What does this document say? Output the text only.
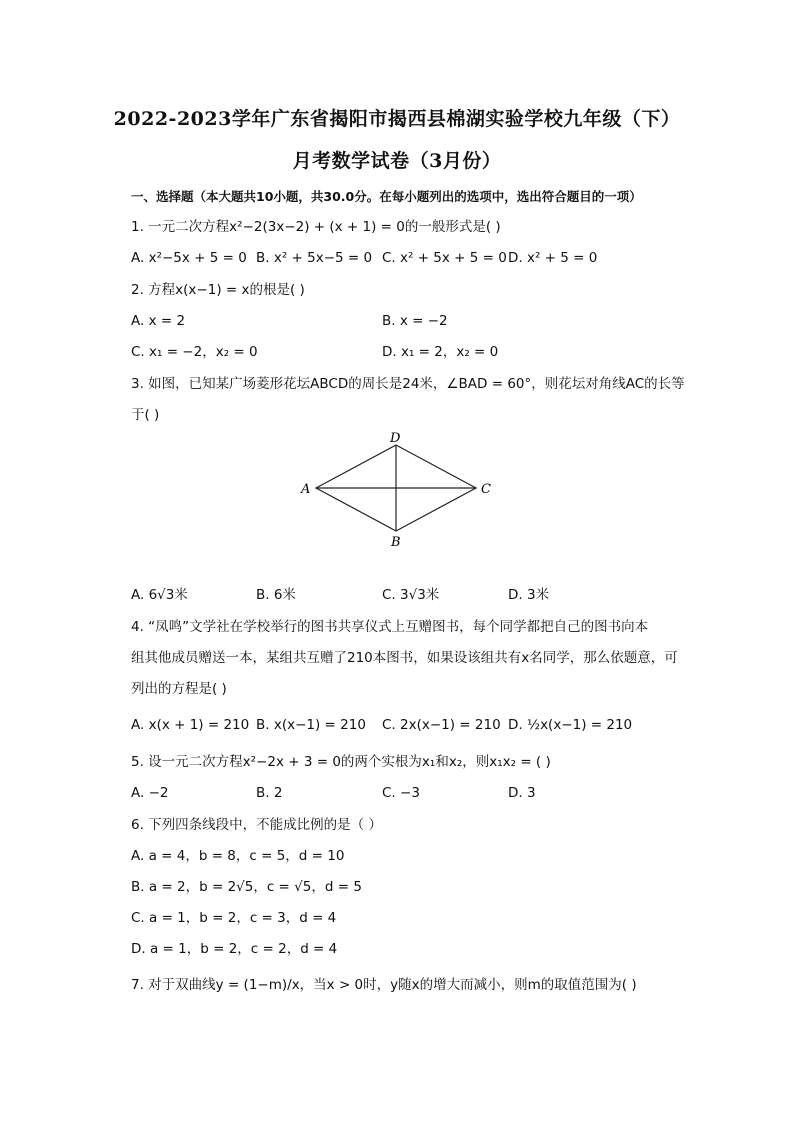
2022-2023学年广东省揭阳市揭西县棉湖实验学校九年级（下）
月考数学试卷（3月份）
一、选择题（本大题共10小题，共30.0分。在每小题列出的选项中，选出符合题目的一项）
1. 一元二次方程x²−2(3x−2) + (x + 1) = 0的一般形式是( )
A. x²−5x + 5 = 0 B. x² + 5x−5 = 0 C. x² + 5x + 5 = 0 D. x² + 5 = 0
2. 方程x(x−1) = x的根是( )
A. x = 2	B. x = −2
C. x₁ = −2，x₂ = 0	D. x₁ = 2，x₂ = 0
3. 如图，已知某广场菱形花坛ABCD的周长是24米，∠BAD = 60°，则花坛对角线AC的长等
于( )
D
A	C
B
A. 6√3米	B. 6米	C. 3√3米	D. 3米
4. “凤鸣”文学社在学校举行的图书共享仪式上互赠图书，每个同学都把自己的图书向本
组其他成员赠送一本，某组共互赠了210本图书，如果设该组共有x名同学，那么依题意，可
列出的方程是( )
A. x(x + 1) = 210 B. x(x−1) = 210 C. 2x(x−1) = 210 D. ½x(x−1) = 210
5. 设一元二次方程x²−2x + 3 = 0的两个实根为x₁和x₂，则x₁x₂ = ( )
A. −2	B. 2	C. −3	D. 3
6. 下列四条线段中，不能成比例的是（ ）
A. a = 4，b = 8，c = 5，d = 10
B. a = 2，b = 2√5，c = √5，d = 5
C. a = 1，b = 2，c = 3，d = 4
D. a = 1，b = 2，c = 2，d = 4
7. 对于双曲线y = (1−m)/x，当x > 0时，y随x的增大而减小，则m的取值范围为( )
